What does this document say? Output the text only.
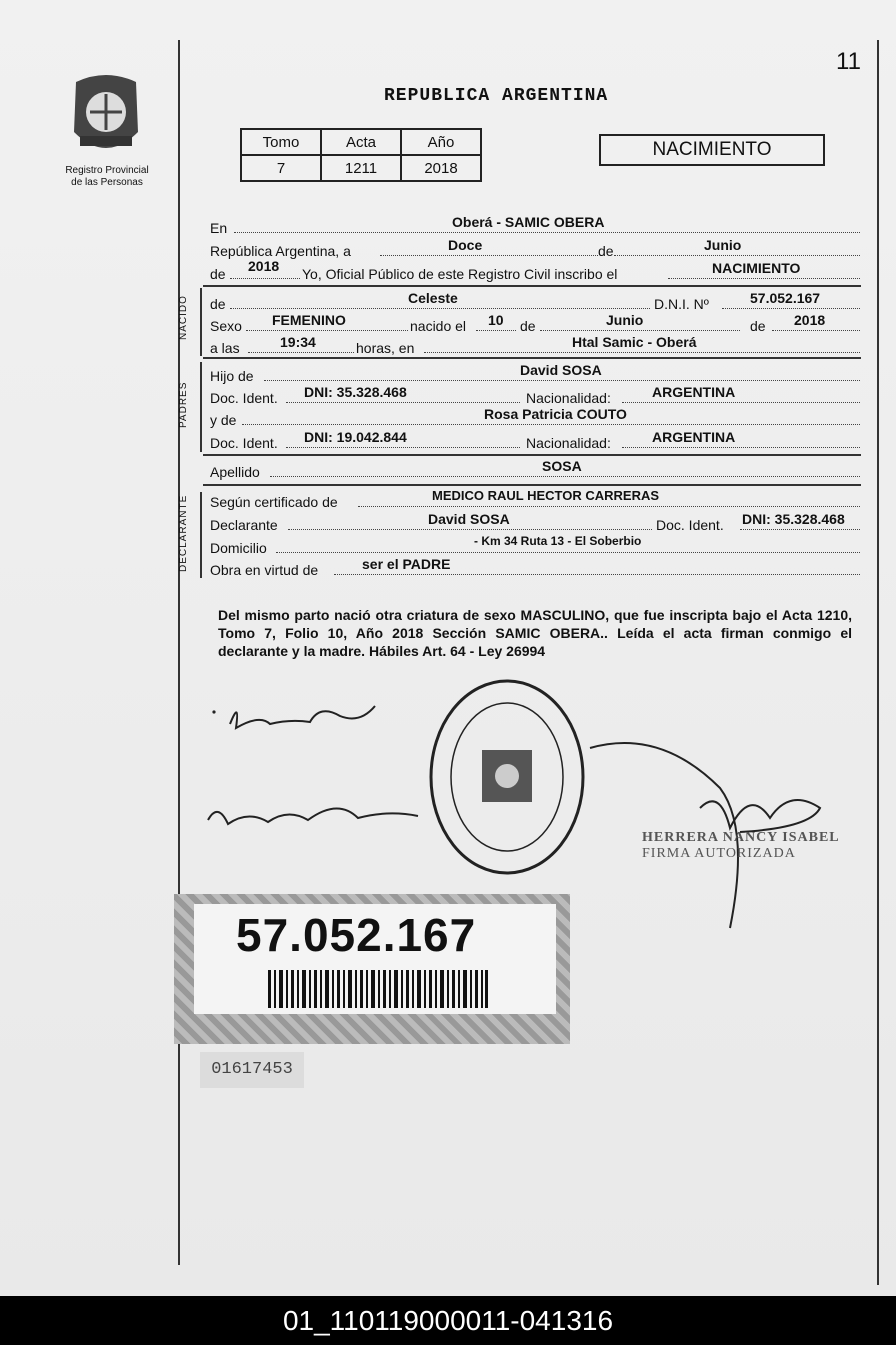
11
Registro Provincial
de las Personas
REPUBLICA ARGENTINA
Tomo	Acta	Año
7	1211	2018
NACIMIENTO
En	Oberá - SAMIC OBERA
República Argentina, a	Doce	de	Junio
de 2018 Yo, Oficial Público de este Registro Civil inscribo el	NACIMIENTO
NACIDO de	Celeste	D.N.I. Nº	57.052.167
Sexo FEMENINO	nacido el 10 de	Junio	de 2018
a las	19:34	horas, en	Htal Samic - Oberá
PADRES
Hijo de	David SOSA
Doc. Ident. DNI: 35.328.468	Nacionalidad:	ARGENTINA
y de	Rosa Patricia COUTO
Doc. Ident. DNI: 19.042.844	Nacionalidad:	ARGENTINA
Apellido	SOSA
DECLARANTE Según certificado de	MEDICO RAUL HECTOR CARRERAS
Declarante	David SOSA	Doc. Ident. DNI: 35.328.468
Domicilio	- Km 34 Ruta 13 - El Soberbio
Obra en virtud de	ser el PADRE
Del mismo parto nació otra criatura de sexo MASCULINO, que fue inscripta bajo el Acta 1210, Tomo 7, Folio 10, Año 2018 Sección SAMIC OBERA.. Leída el acta firman conmigo el declarante y la madre. Hábiles Art. 64 - Ley 26994
HERRERA NANCY ISABEL
FIRMA AUTORIZADA
57.052.167
01617453
01_110119000011-041316
